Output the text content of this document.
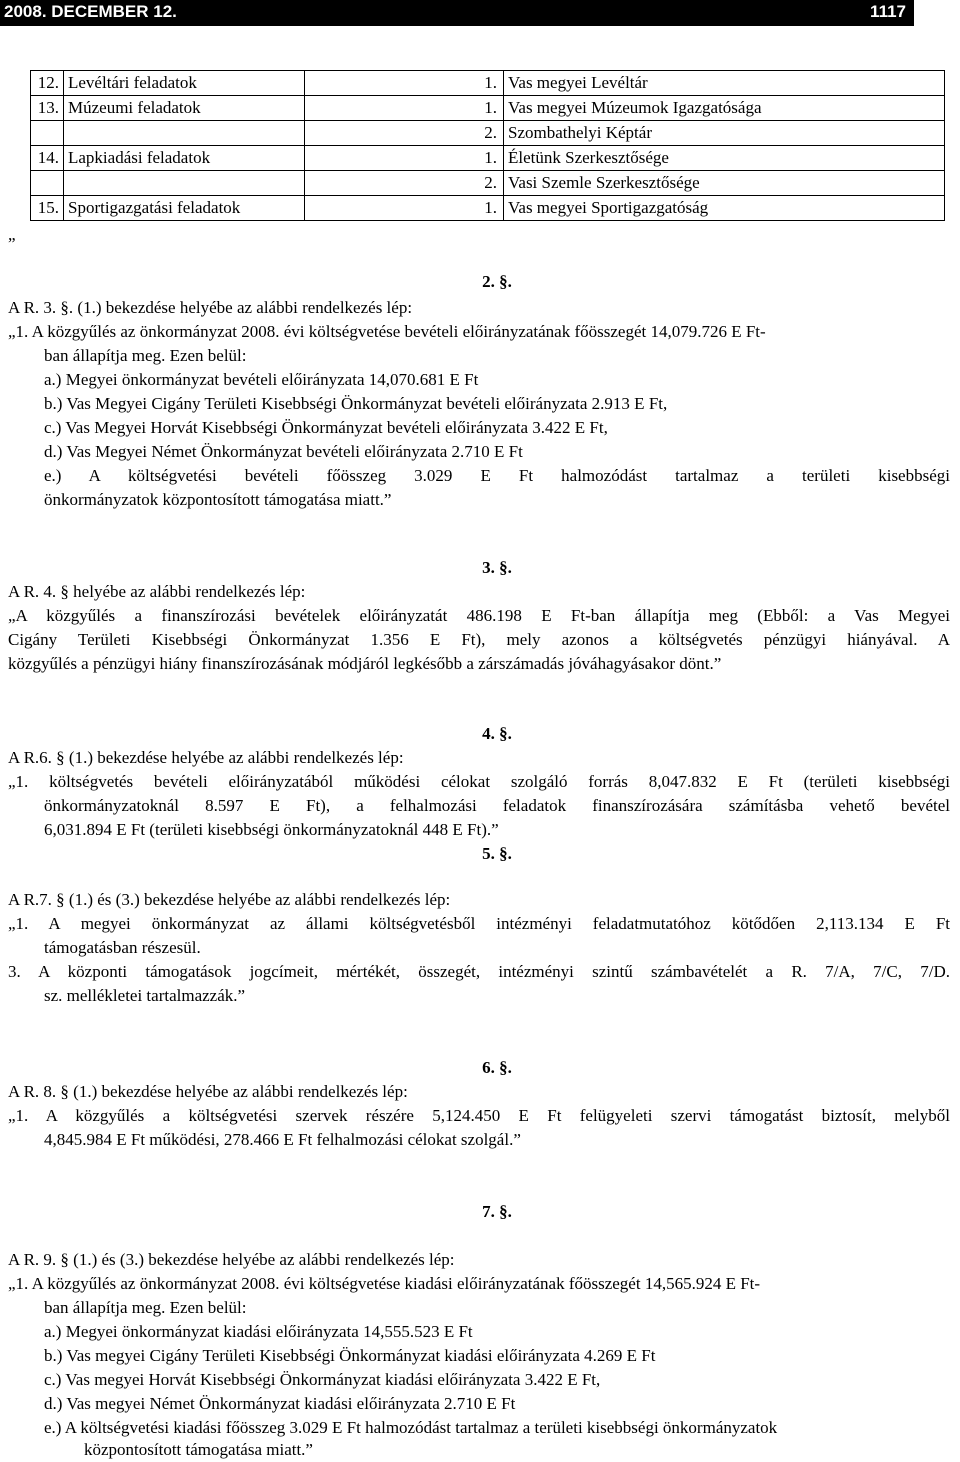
2008. DECEMBER 12.	1117
12.	Levéltári feladatok	1.	Vas megyei Levéltár
13.	Múzeumi feladatok	1.	Vas megyei Múzeumok Igazgatósága
		2.	Szombathelyi Képtár
14.	Lapkiadási feladatok	1.	Életünk Szerkesztősége
		2.	Vasi Szemle Szerkesztősége
15.	Sportigazgatási feladatok	1.	Vas megyei Sportigazgatóság
”
2. §.
A R. 3. §. (1.) bekezdése helyébe az alábbi rendelkezés lép:
„1. A közgyűlés az önkormányzat 2008. évi költségvetése bevételi előirányzatának főösszegét 14,079.726 E Ft-
ban állapítja meg. Ezen belül:
a.) Megyei önkormányzat bevételi előirányzata 14,070.681 E Ft
b.) Vas Megyei Cigány Területi Kisebbségi Önkormányzat bevételi előirányzata 2.913 E Ft,
c.) Vas Megyei Horvát Kisebbségi Önkormányzat bevételi előirányzata 3.422 E Ft,
d.) Vas Megyei Német Önkormányzat bevételi előirányzata 2.710 E Ft
e.) A költségvetési bevételi főösszeg 3.029 E Ft halmozódást tartalmaz a területi kisebbségi
önkormányzatok központosított támogatása miatt.”
3. §.
A R. 4. § helyébe az alábbi rendelkezés lép:
„A közgyűlés a finanszírozási bevételek előirányzatát 486.198 E Ft-ban állapítja meg (Ebből: a Vas Megyei
Cigány Területi Kisebbségi Önkormányzat 1.356 E Ft), mely azonos a költségvetés pénzügyi hiányával. A
közgyűlés a pénzügyi hiány finanszírozásának módjáról legkésőbb a zárszámadás jóváhagyásakor dönt.”
4. §.
A R.6. § (1.) bekezdése helyébe az alábbi rendelkezés lép:
„1. költségvetés bevételi előirányzatából működési célokat szolgáló forrás 8,047.832 E Ft (területi kisebbségi
önkormányzatoknál 8.597 E Ft), a felhalmozási feladatok finanszírozására számításba vehető bevétel
6,031.894 E Ft (területi kisebbségi önkormányzatoknál 448 E Ft).”
5. §.
A R.7. § (1.) és (3.) bekezdése helyébe az alábbi rendelkezés lép:
„1. A megyei önkormányzat az állami költségvetésből intézményi feladatmutatóhoz kötődően 2,113.134 E Ft
támogatásban részesül.
3. A központi támogatások jogcímeit, mértékét, összegét, intézményi szintű számbavételét a R. 7/A, 7/C, 7/D.
sz. mellékletei tartalmazzák.”
6. §.
A R. 8. § (1.) bekezdése helyébe az alábbi rendelkezés lép:
„1. A közgyűlés a költségvetési szervek részére 5,124.450 E Ft felügyeleti szervi támogatást biztosít, melyből
4,845.984 E Ft működési, 278.466 E Ft felhalmozási célokat szolgál.”
7. §.
A R. 9. § (1.) és (3.) bekezdése helyébe az alábbi rendelkezés lép:
„1. A közgyűlés az önkormányzat 2008. évi költségvetése kiadási előirányzatának főösszegét 14,565.924 E Ft-
ban állapítja meg. Ezen belül:
a.) Megyei önkormányzat kiadási előirányzata 14,555.523 E Ft
b.) Vas megyei Cigány Területi Kisebbségi Önkormányzat kiadási előirányzata 4.269 E Ft
c.) Vas megyei Horvát Kisebbségi Önkormányzat kiadási előirányzata 3.422 E Ft,
d.) Vas megyei Német Önkormányzat kiadási előirányzata 2.710 E Ft
e.) A költségvetési kiadási főösszeg 3.029 E Ft halmozódást tartalmaz a területi kisebbségi önkormányzatok
központosított támogatása miatt.”
